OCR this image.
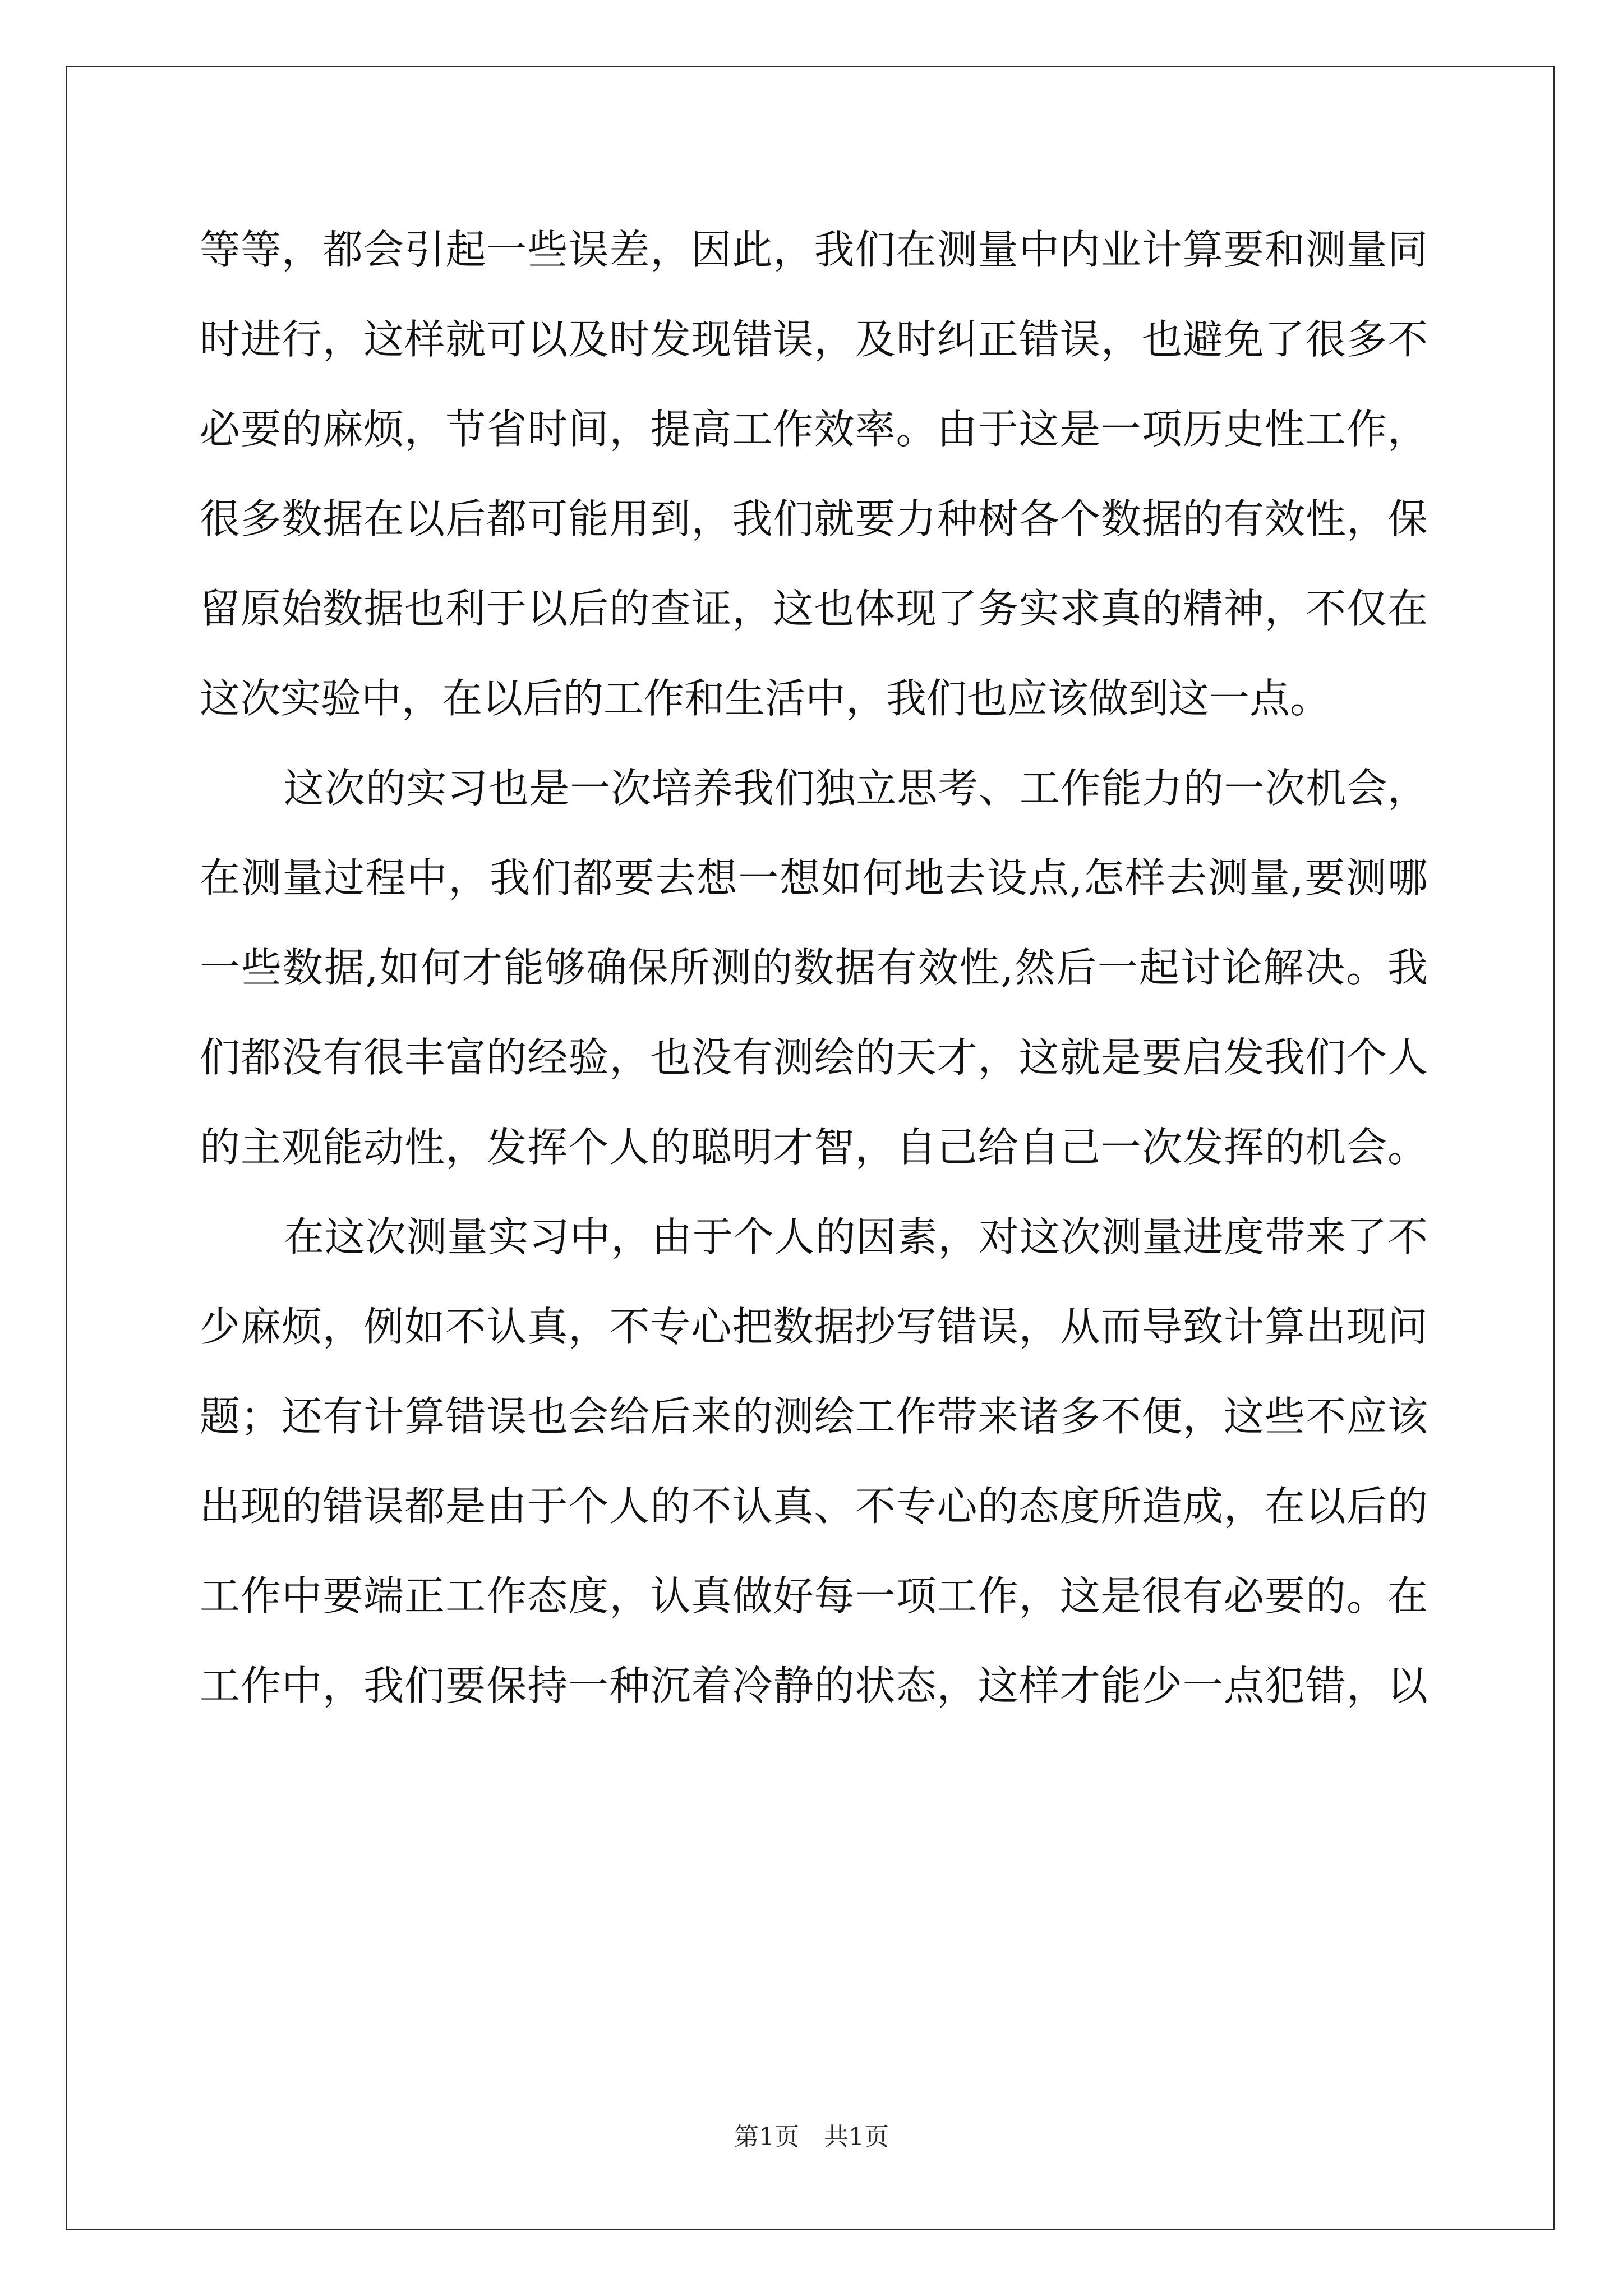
等等，都会引起一些误差，因此，我们在测量中内业计算要和测量同
时进行，这样就可以及时发现错误，及时纠正错误，也避免了很多不
必要的麻烦，节省时间，提高工作效率。由于这是一项历史性工作，
很多数据在以后都可能用到，我们就要力种树各个数据的有效性，保
留原始数据也利于以后的查证，这也体现了务实求真的精神，不仅在
这次实验中，在以后的工作和生活中，我们也应该做到这一点。
这次的实习也是一次培养我们独立思考、工作能力的一次机会，
在测量过程中，我们都要去想一想如何地去设点,怎样去测量,要测哪
一些数据,如何才能够确保所测的数据有效性,然后一起讨论解决。我
们都没有很丰富的经验，也没有测绘的天才，这就是要启发我们个人
的主观能动性，发挥个人的聪明才智，自己给自己一次发挥的机会。
在这次测量实习中，由于个人的因素，对这次测量进度带来了不
少麻烦，例如不认真，不专心把数据抄写错误，从而导致计算出现问
题；还有计算错误也会给后来的测绘工作带来诸多不便，这些不应该
出现的错误都是由于个人的不认真、不专心的态度所造成，在以后的
工作中要端正工作态度，认真做好每一项工作，这是很有必要的。在
工作中，我们要保持一种沉着冷静的状态，这样才能少一点犯错，以
第1页 共1页
